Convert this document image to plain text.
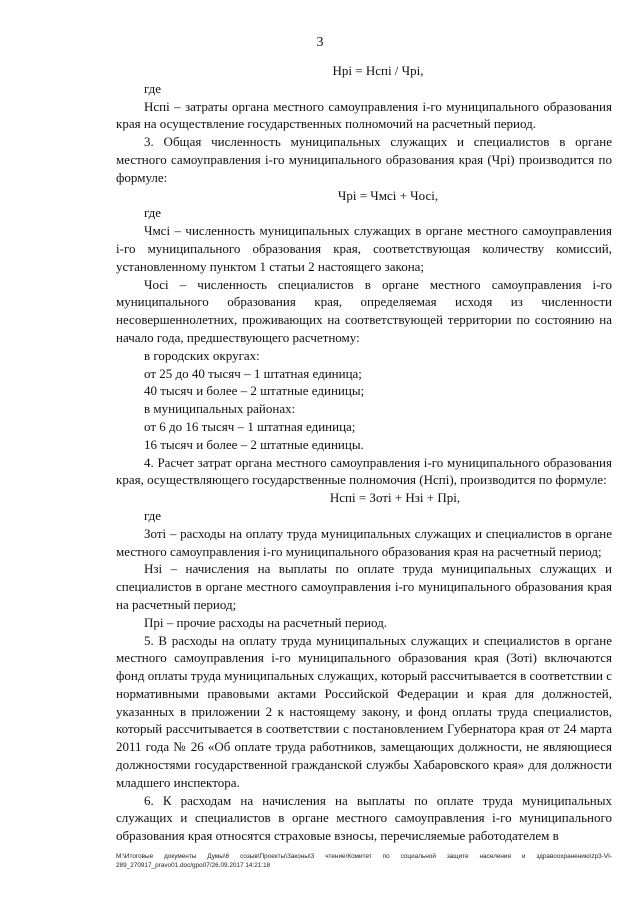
3

Hpi = Hcпi / Чpi,

где

Hcпi – затраты органа местного самоуправления i-го муниципального образования края на осуществление государственных полномочий на расчетный период.

3. Общая численность муниципальных служащих и специалистов в органе местного самоуправления i-го муниципального образования края (Чpi) производится по формуле:

Чpi = Чмсi + Чосi,

где

Чмсi – численность муниципальных служащих в органе местного самоуправления i-го муниципального образования края, соответствующая количеству комиссий, установленному пунктом 1 статьи 2 настоящего закона;

Чосi – численность специалистов в органе местного самоуправления i-го муниципального образования края, определяемая исходя из численности несовершеннолетних, проживающих на соответствующей территории по состоянию на начало года, предшествующего расчетному:

в городских округах:

от 25 до 40 тысяч – 1 штатная единица;

40 тысяч и более – 2 штатные единицы;

в муниципальных районах:

от 6 до 16 тысяч – 1 штатная единица;

16 тысяч и более – 2 штатные единицы.

4. Расчет затрат органа местного самоуправления i-го муниципального образования края, осуществляющего государственные полномочия (Hcпi), производится по формуле:

Hcпi = Зотi + Hзi + Пpi,

где

Зотi – расходы на оплату труда муниципальных служащих и специалистов в органе местного самоуправления i-го муниципального образования края на расчетный период;

Hзi – начисления на выплаты по оплате труда муниципальных служащих и специалистов в органе местного самоуправления i-го муниципального образования края на расчетный период;

Пpi – прочие расходы на расчетный период.

5. В расходы на оплату труда муниципальных служащих и специалистов в органе местного самоуправления i-го муниципального образования края (Зотi) включаются фонд оплаты труда муниципальных служащих, который рассчитывается в соответствии с нормативными правовыми актами Российской Федерации и края для должностей, указанных в приложении 2 к настоящему закону, и фонд оплаты труда специалистов, который рассчитывается в соответствии с постановлением Губернатора края от 24 марта 2011 года № 26 «Об оплате труда работников, замещающих должности, не являющиеся должностями государственной гражданской службы Хабаровского края» для должности младшего инспектора.

6. К расходам на начисления на выплаты по оплате труда муниципальных служащих и специалистов в органе местного самоуправления i-го муниципального образования края относятся страховые взносы, перечисляемые работодателем в

M:\Итоговые документы Думы\6 созыв\Проекты\Законы\3 чтение\Комитет по социальной защите населения и здравоохранению\zp3-VI-289_270917_pravo01.doc/gpo07/26.09.2017 14:21:18
